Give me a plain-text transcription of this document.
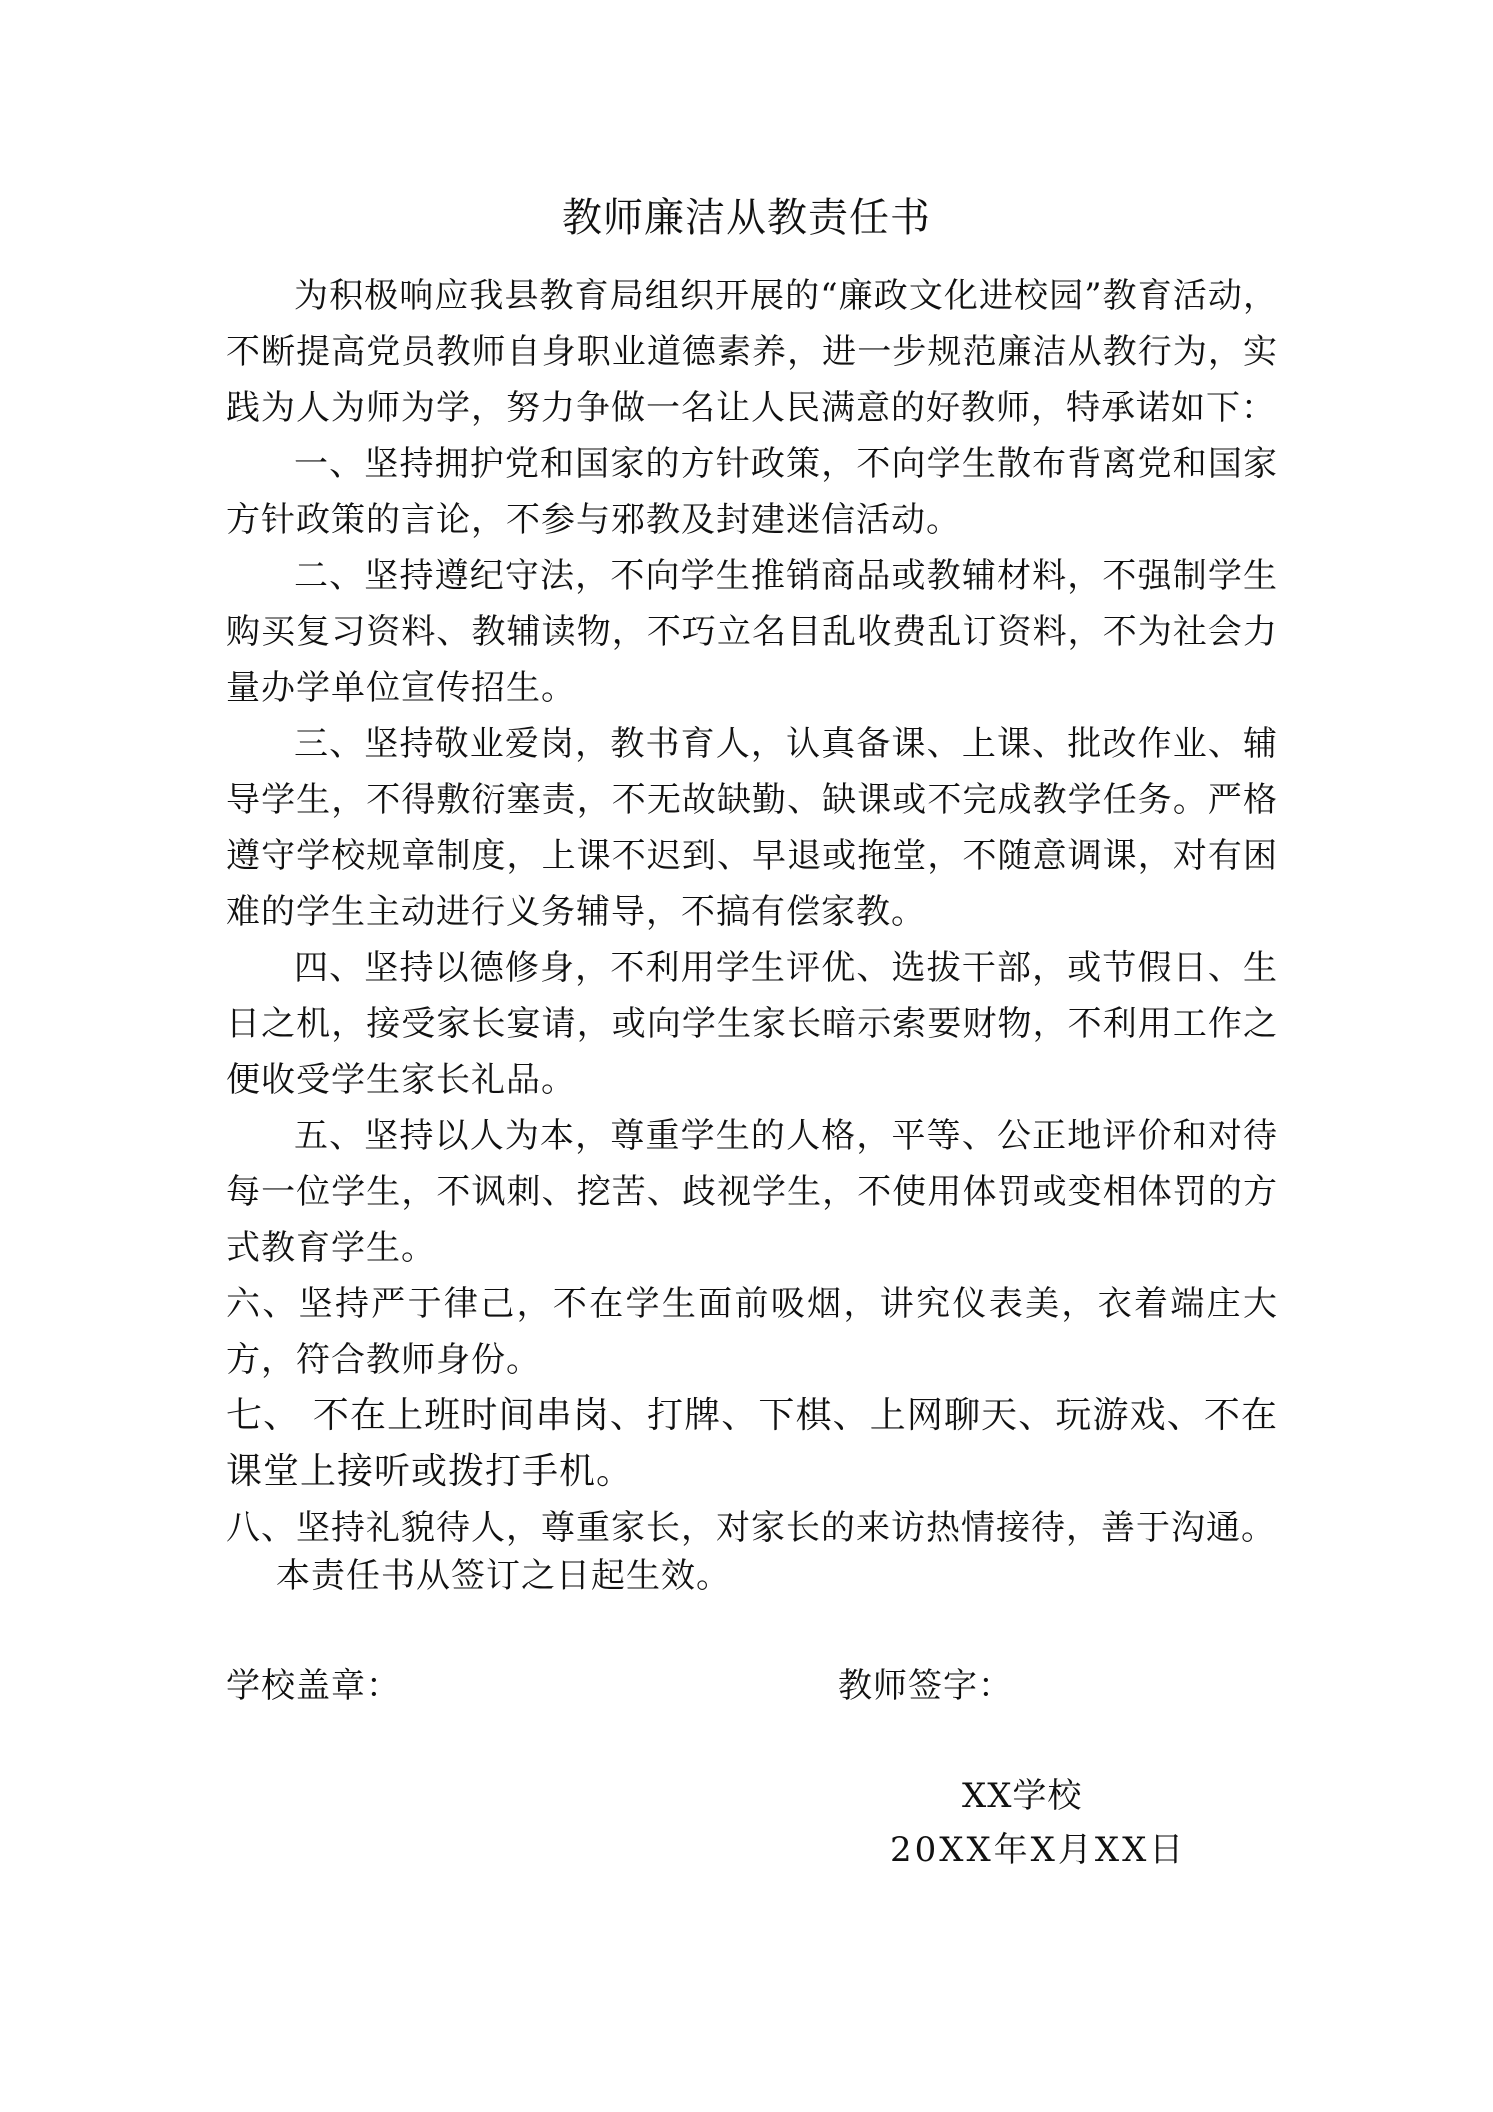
教师廉洁从教责任书

为积极响应我县教育局组织开展的“廉政文化进校园”教育活动，不断提高党员教师自身职业道德素养，进一步规范廉洁从教行为，实践为人为师为学，努力争做一名让人民满意的好教师，特承诺如下：

一、坚持拥护党和国家的方针政策，不向学生散布背离党和国家方针政策的言论，不参与邪教及封建迷信活动。

二、坚持遵纪守法，不向学生推销商品或教辅材料，不强制学生购买复习资料、教辅读物，不巧立名目乱收费乱订资料，不为社会力量办学单位宣传招生。

三、坚持敬业爱岗，教书育人，认真备课、上课、批改作业、辅导学生，不得敷衍塞责，不无故缺勤、缺课或不完成教学任务。严格遵守学校规章制度，上课不迟到、早退或拖堂，不随意调课，对有困难的学生主动进行义务辅导，不搞有偿家教。

四、坚持以德修身，不利用学生评优、选拔干部，或节假日、生日之机，接受家长宴请，或向学生家长暗示索要财物，不利用工作之便收受学生家长礼品。

五、坚持以人为本，尊重学生的人格，平等、公正地评价和对待每一位学生，不讽刺、挖苦、歧视学生，不使用体罚或变相体罚的方式教育学生。

六、坚持严于律己，不在学生面前吸烟，讲究仪表美，衣着端庄大方，符合教师身份。

七、 不在上班时间串岗、打牌、下棋、上网聊天、玩游戏、不在课堂上接听或拨打手机。

八、坚持礼貌待人，尊重家长，对家长的来访热情接待，善于沟通。

本责任书从签订之日起生效。

学校盖章：	教师签字：
XX学校
20XX年X月XX日
